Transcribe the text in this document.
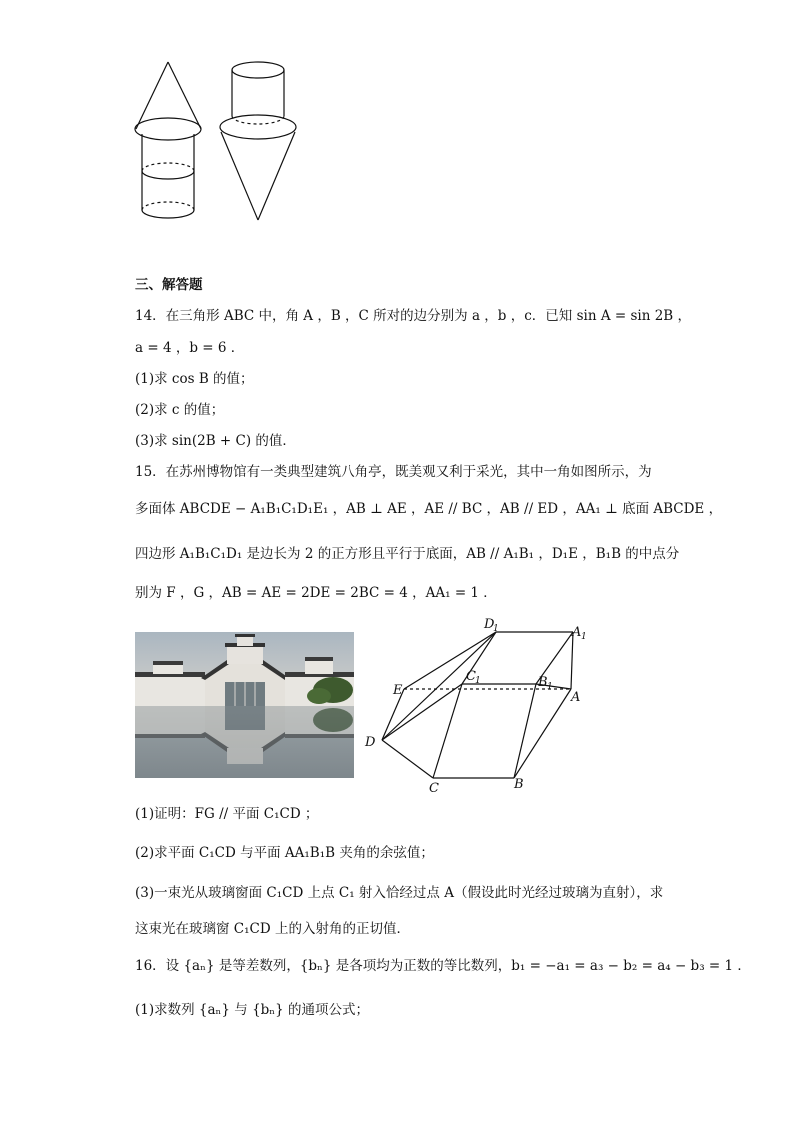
三、解答题
14．在三角形 ABC 中，角 A ，B ，C 所对的边分别为 a ，b ，c．已知 sin A = sin 2B ，
a = 4 ，b = 6 ．
(1)求 cos B 的值；
(2)求 c 的值；
(3)求 sin(2B + C) 的值．
15．在苏州博物馆有一类典型建筑八角亭，既美观又利于采光，其中一角如图所示，为
多面体 ABCDE − A₁B₁C₁D₁E₁ ，AB ⊥ AE ，AE // BC ，AB // ED ，AA₁ ⊥ 底面 ABCDE ，
四边形 A₁B₁C₁D₁ 是边长为 2 的正方形且平行于底面，AB // A₁B₁ ，D₁E ，B₁B 的中点分
别为 F ，G ，AB = AE = 2DE = 2BC = 4 ，AA₁ = 1 ．
D
1	A 1
C 1	B 1
E	A
D
C	B
(1)证明：FG // 平面 C₁CD ；
(2)求平面 C₁CD 与平面 AA₁B₁B 夹角的余弦值；
(3)一束光从玻璃窗面 C₁CD 上点 C₁ 射入恰经过点 A（假设此时光经过玻璃为直射），求
这束光在玻璃窗 C₁CD 上的入射角的正切值．
16．设 {aₙ} 是等差数列，{bₙ} 是各项均为正数的等比数列，b₁ = −a₁ = a₃ − b₂ = a₄ − b₃ = 1 ．
(1)求数列 {aₙ} 与 {bₙ} 的通项公式；
